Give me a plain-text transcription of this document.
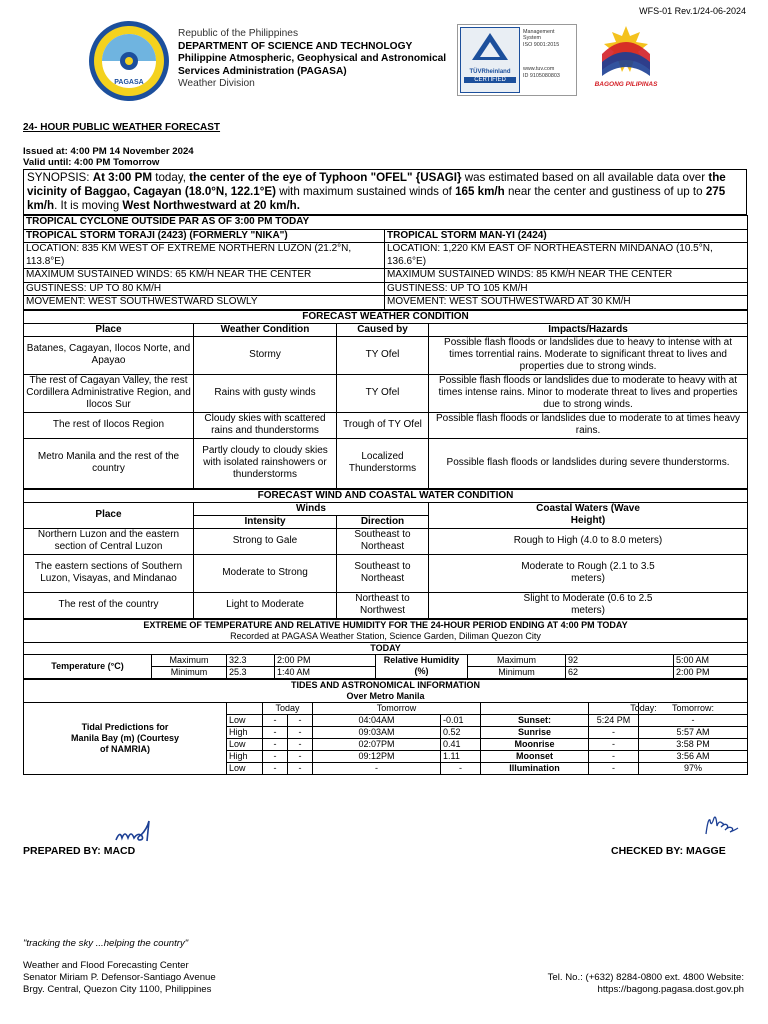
WFS-01 Rev.1/24-06-2024
PAGASA
Republic of the Philippines
DEPARTMENT OF SCIENCE AND TECHNOLOGY
Philippine Atmospheric, Geophysical and Astronomical
Services Administration (PAGASA)
Weather Division
TÜVRheinland
CERTIFIED
Management
System
ISO 9001:2015
www.tuv.com
ID 9105080803
BAGONG PILIPINAS
24- HOUR PUBLIC WEATHER FORECAST
Issued at: 4:00 PM 14 November 2024
Valid until: 4:00 PM Tomorrow
SYNOPSIS: At 3:00 PM today, the center of the eye of Typhoon "OFEL" {USAGI} was estimated based on all available data over the vicinity of Baggao, Cagayan (18.0°N, 122.1°E) with maximum sustained winds of 165 km/h near the center and gustiness of up to 275 km/h. It is moving West Northwestward at 20 km/h.
TROPICAL CYCLONE OUTSIDE PAR AS OF 3:00 PM TODAY	
TROPICAL STORM TORAJI (2423) (FORMERLY "NIKA")	TROPICAL STORM MAN-YI (2424)
LOCATION: 835 KM WEST OF EXTREME NORTHERN LUZON (21.2°N, 113.8°E)	LOCATION: 1,220 KM EAST OF NORTHEASTERN MINDANAO (10.5°N, 136.6°E)
MAXIMUM SUSTAINED WINDS: 65 KM/H NEAR THE CENTER	MAXIMUM SUSTAINED WINDS: 85 KM/H NEAR THE CENTER
GUSTINESS: UP TO 80 KM/H	GUSTINESS: UP TO 105 KM/H
MOVEMENT: WEST SOUTHWESTWARD SLOWLY	MOVEMENT: WEST SOUTHWESTWARD AT 30 KM/H
FORECAST WEATHER CONDITION			
Place	Weather Condition	Caused by	Impacts/Hazards
Batanes, Cagayan, Ilocos Norte, and Apayao	Stormy	TY Ofel	Possible flash floods or landslides due to heavy to intense with at times torrential rains. Moderate to significant threat to lives and properties due to strong winds.
The rest of Cagayan Valley, the rest Cordillera Administrative Region, and Ilocos Sur	Rains with gusty winds	TY Ofel	Possible flash floods or landslides due to moderate to heavy with at times intense rains. Minor to moderate threat to lives and properties due to strong winds.
The rest of Ilocos Region	Cloudy skies with scattered rains and thunderstorms	Trough of TY Ofel	Possible flash floods or landslides due to moderate to at times heavy rains.
Metro Manila and the rest of the country	Partly cloudy to cloudy skies with isolated rainshowers or thunderstorms	Localized Thunderstorms	Possible flash floods or landslides during severe thunderstorms.
FORECAST WIND AND COASTAL WATER CONDITION			
Place	Winds		Coastal Waters (Wave Height)

	Intensity	Direction	
Northern Luzon and the eastern section of Central Luzon	Strong to Gale	Southeast to Northeast	Rough to High (4.0 to 8.0 meters)

The eastern sections of Southern Luzon, Visayas, and Mindanao	Moderate to Strong	Southeast to Northeast	Moderate to Rough (2.1 to 3.5 meters)

The rest of the country	Light to Moderate	Northeast to Northwest	Slight to Moderate (0.6 to 2.5 meters)
EXTREME OF TEMPERATURE AND RELATIVE HUMIDITY FOR THE 24-HOUR PERIOD ENDING AT 4:00 PM TODAY							
Recorded at PAGASA Weather Station, Science Garden, Diliman Quezon City							
TODAY							
Temperature (°C)	Maximum	32.3	2:00 PM	Relative Humidity (%)	Maximum	92	5:00 AM
	Minimum	25.3	1:40 AM		Minimum	62	2:00 PM
TIDES AND ASTRONOMICAL INFORMATION								
Over Metro Manila								

Tidal Predictions for Manila Bay (m) (Courtesy of NAMRIA)		Today		Tomorrow			Today:	Tomorrow:
	Low	-	-	04:04AM	-0.01	Sunset:	5:24 PM	-
	High	-	-	09:03AM	0.52	Sunrise	-	5:57 AM
	Low	-	-	02:07PM	0.41	Moonrise	-	3:58 PM
	High	-	-	09:12PM	1.11	Moonset	-	3:56 AM
	Low	-	-	-	-	Illumination	-	97%
mcd
PREPARED BY: MACD
Magge
CHECKED BY: MAGGE
"tracking the sky ...helping the country"
Weather and Flood Forecasting Center
Senator Miriam P. Defensor-Santiago Avenue
Brgy. Central, Quezon City 1100, Philippines
Tel. No.: (+632) 8284-0800 ext. 4800 Website:
https://bagong.pagasa.dost.gov.ph
